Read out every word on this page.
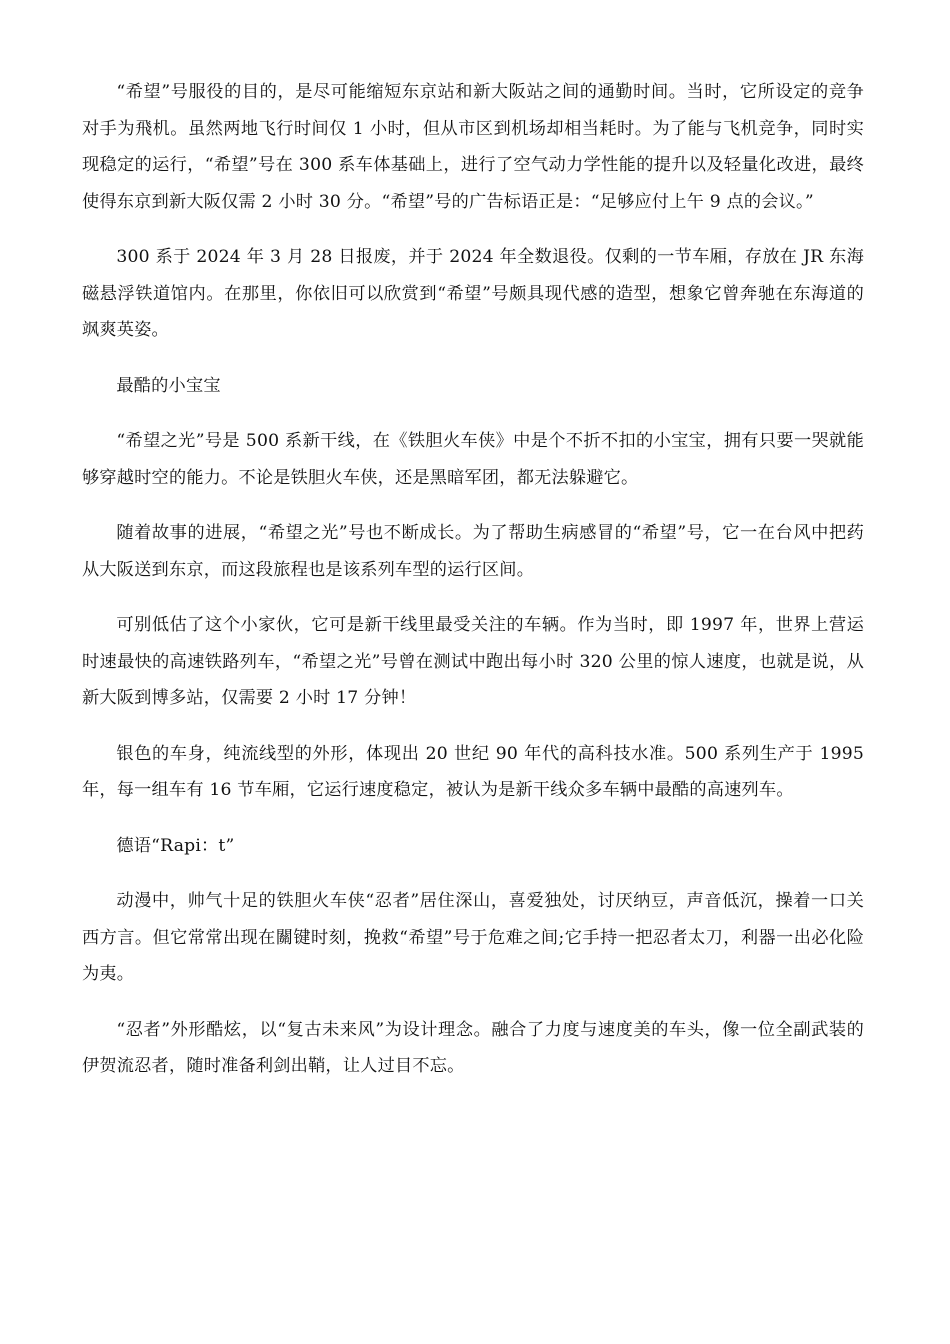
“希望”号服役的目的，是尽可能缩短东京站和新大阪站之间的通勤时间。当时，它所设定的竞争对手为飛机。虽然两地飞行时间仅 1 小时，但从市区到机场却相当耗时。为了能与飞机竞争，同时实现稳定的运行，“希望”号在 300 系车体基础上，进行了空气动力学性能的提升以及轻量化改进，最终使得东京到新大阪仅需 2 小时 30 分。“希望”号的广告标语正是：“足够应付上午 9 点的会议。”

300 系于 2024 年 3 月 28 日报废，并于 2024 年全数退役。仅剩的一节车厢，存放在 JR 东海磁悬浮铁道馆内。在那里，你依旧可以欣赏到“希望”号颇具现代感的造型，想象它曾奔驰在东海道的飒爽英姿。

最酷的小宝宝

“希望之光”号是 500 系新干线，在《铁胆火车侠》中是个不折不扣的小宝宝，拥有只要一哭就能够穿越时空的能力。不论是铁胆火车侠，还是黑暗军团，都无法躲避它。

随着故事的进展，“希望之光”号也不断成长。为了帮助生病感冒的“希望”号，它一在台风中把药从大阪送到东京，而这段旅程也是该系列车型的运行区间。

可别低估了这个小家伙，它可是新干线里最受关注的车辆。作为当时，即 1997 年，世界上营运时速最快的高速铁路列车，“希望之光”号曾在测试中跑出每小时 320 公里的惊人速度，也就是说，从新大阪到博多站，仅需要 2 小时 17 分钟！

银色的车身，纯流线型的外形，体现出 20 世纪 90 年代的高科技水准。500 系列生产于 1995 年，每一组车有 16 节车厢，它运行速度稳定，被认为是新干线众多车辆中最酷的高速列车。

德语“Rapi：t”

动漫中，帅气十足的铁胆火车侠“忍者”居住深山，喜爱独处，讨厌纳豆，声音低沉，操着一口关西方言。但它常常出现在關键时刻，挽救“希望”号于危难之间;它手持一把忍者太刀，利器一出必化险为夷。

“忍者”外形酷炫，以“复古未来风”为设计理念。融合了力度与速度美的车头，像一位全副武装的伊贺流忍者，随时准备利剑出鞘，让人过目不忘。
